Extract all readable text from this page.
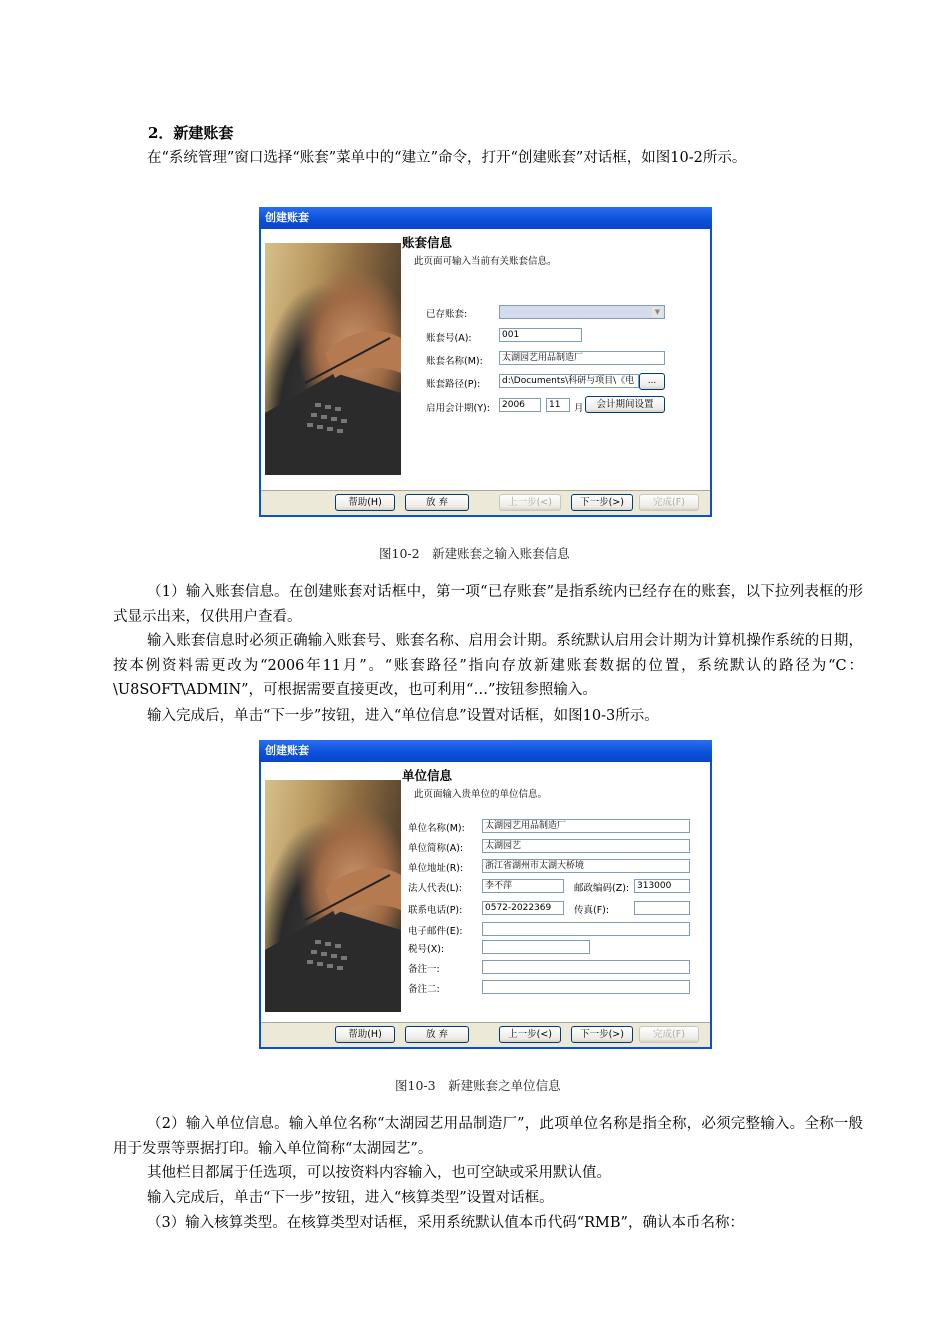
2．新建账套
在“系统管理”窗口选择“账套”菜单中的“建立”命令，打开“创建账套”对话框，如图10-2所示。
创建账套
账套信息
此页面可输入当前有关账套信息。
已存账套:	▼
账套号(A):	001
账套名称(M):	太湖园艺用品制造厂
账套路径(P):	d:\Documents\科研与项目\《电	...
启用会计期(Y):	2006	11	月	会计期间设置
帮助(H)	放 弃	上一步(<)	下一步(>)	完成(F)
图10-2　新建账套之输入账套信息
（1）输入账套信息。在创建账套对话框中，第一项“已存账套”是指系统内已经存在的账套，以下拉列表框的形式显示出来，仅供用户查看。
输入账套信息时必须正确输入账套号、账套名称、启用会计期。系统默认启用会计期为计算机操作系统的日期，按本例资料需更改为“2006年11月”。“账套路径”指向存放新建账套数据的位置，系统默认的路径为“C：\U8SOFT\ADMIN”，可根据需要直接更改，也可利用“…”按钮参照输入。
输入完成后，单击“下一步”按钮，进入“单位信息”设置对话框，如图10-3所示。
创建账套
单位信息
此页面输入贵单位的单位信息。
单位名称(M):	太湖园艺用品制造厂
单位简称(A):	太湖园艺
单位地址(R):	浙江省湖州市太湖大桥境
法人代表(L):	李不萍	邮政编码(Z): 313000
联系电话(P):	0572-2022369	传真(F):
电子邮件(E):
税号(X):
备注一:
备注二:
帮助(H)	放 弃	上一步(<)	下一步(>)	完成(F)
图10-3　新建账套之单位信息
（2）输入单位信息。输入单位名称“太湖园艺用品制造厂”，此项单位名称是指全称，必须完整输入。全称一般用于发票等票据打印。输入单位简称“太湖园艺”。
其他栏目都属于任选项，可以按资料内容输入，也可空缺或采用默认值。
输入完成后，单击“下一步”按钮，进入“核算类型”设置对话框。
（3）输入核算类型。在核算类型对话框，采用系统默认值本币代码“RMB”，确认本币名称：
